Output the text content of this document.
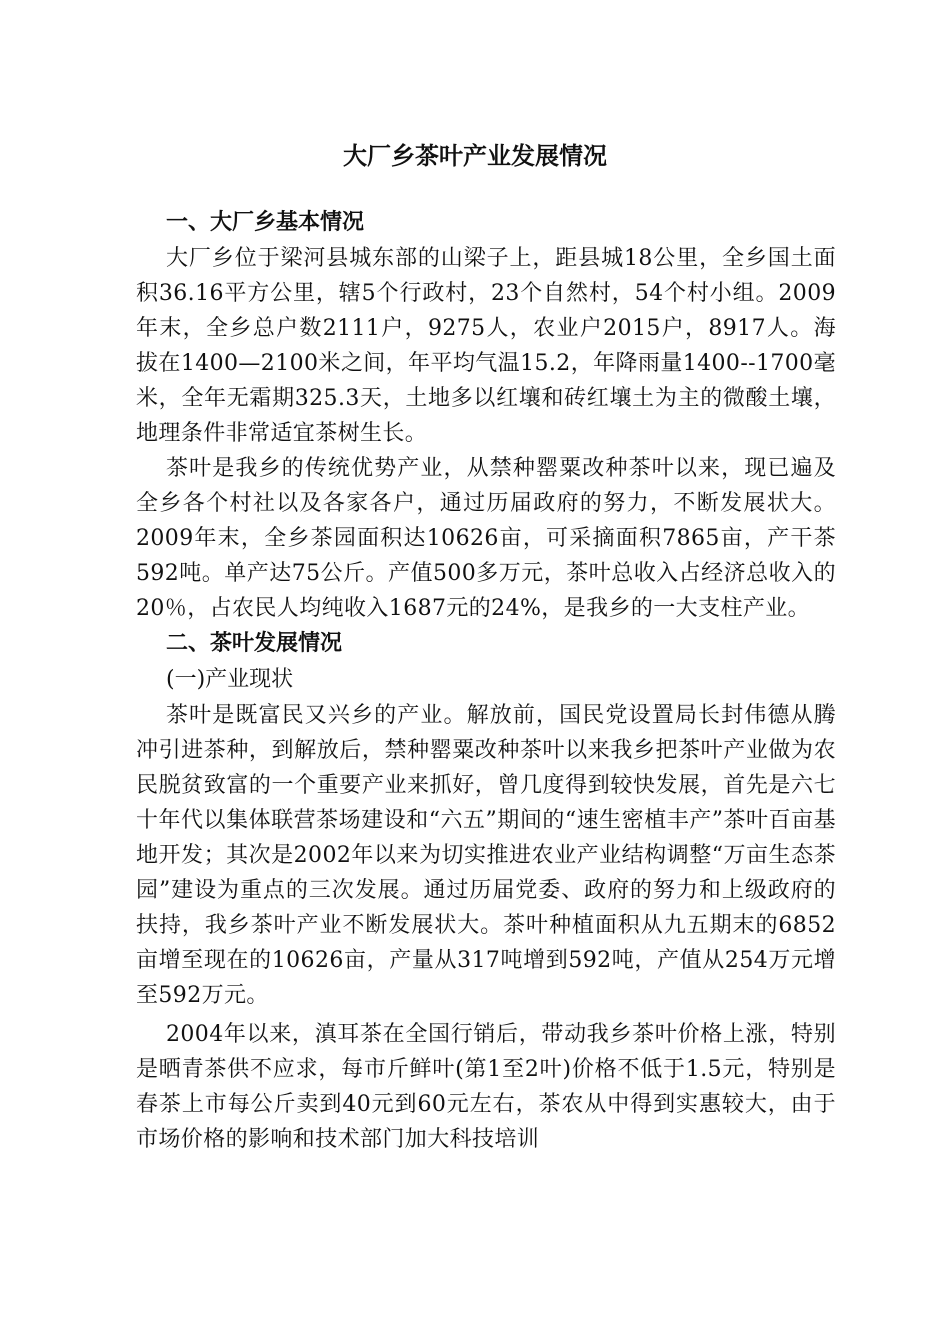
大厂乡茶叶产业发展情况
一、大厂乡基本情况

大厂乡位于梁河县城东部的山梁子上，距县城18公里，全乡国土面积36.16平方公里，辖5个行政村，23个自然村，54个村小组。2009年末，全乡总户数2111户，9275人，农业户2015户，8917人。海拔在1400—2100米之间，年平均气温15.2，年降雨量1400--1700毫米，全年无霜期325.3天，土地多以红壤和砖红壤土为主的微酸土壤，地理条件非常适宜茶树生长。

茶叶是我乡的传统优势产业，从禁种罂粟改种茶叶以来，现已遍及全乡各个村社以及各家各户，通过历届政府的努力，不断发展状大。2009年末，全乡茶园面积达10626亩，可采摘面积7865亩，产干茶592吨。单产达75公斤。产值500多万元，茶叶总收入占经济总收入的20％，占农民人均纯收入1687元的24%，是我乡的一大支柱产业。

二、茶叶发展情况

(一)产业现状

茶叶是既富民又兴乡的产业。解放前，国民党设置局长封伟德从腾冲引进茶种，到解放后，禁种罂粟改种茶叶以来我乡把茶叶产业做为农民脱贫致富的一个重要产业来抓好，曾几度得到较快发展，首先是六七十年代以集体联营茶场建设和“六五”期间的“速生密植丰产”茶叶百亩基地开发；其次是2002年以来为切实推进农业产业结构调整“万亩生态茶园”建设为重点的三次发展。通过历届党委、政府的努力和上级政府的扶持，我乡茶叶产业不断发展状大。茶叶种植面积从九五期末的6852亩增至现在的10626亩，产量从317吨增到592吨，产值从254万元增至592万元。

2004年以来，滇耳茶在全国行销后，带动我乡茶叶价格上涨，特别是晒青茶供不应求，每市斤鲜叶(第1至2叶)价格不低于1.5元，特别是春茶上市每公斤卖到40元到60元左右，茶农从中得到实惠较大，由于市场价格的影响和技术部门加大科技培训
